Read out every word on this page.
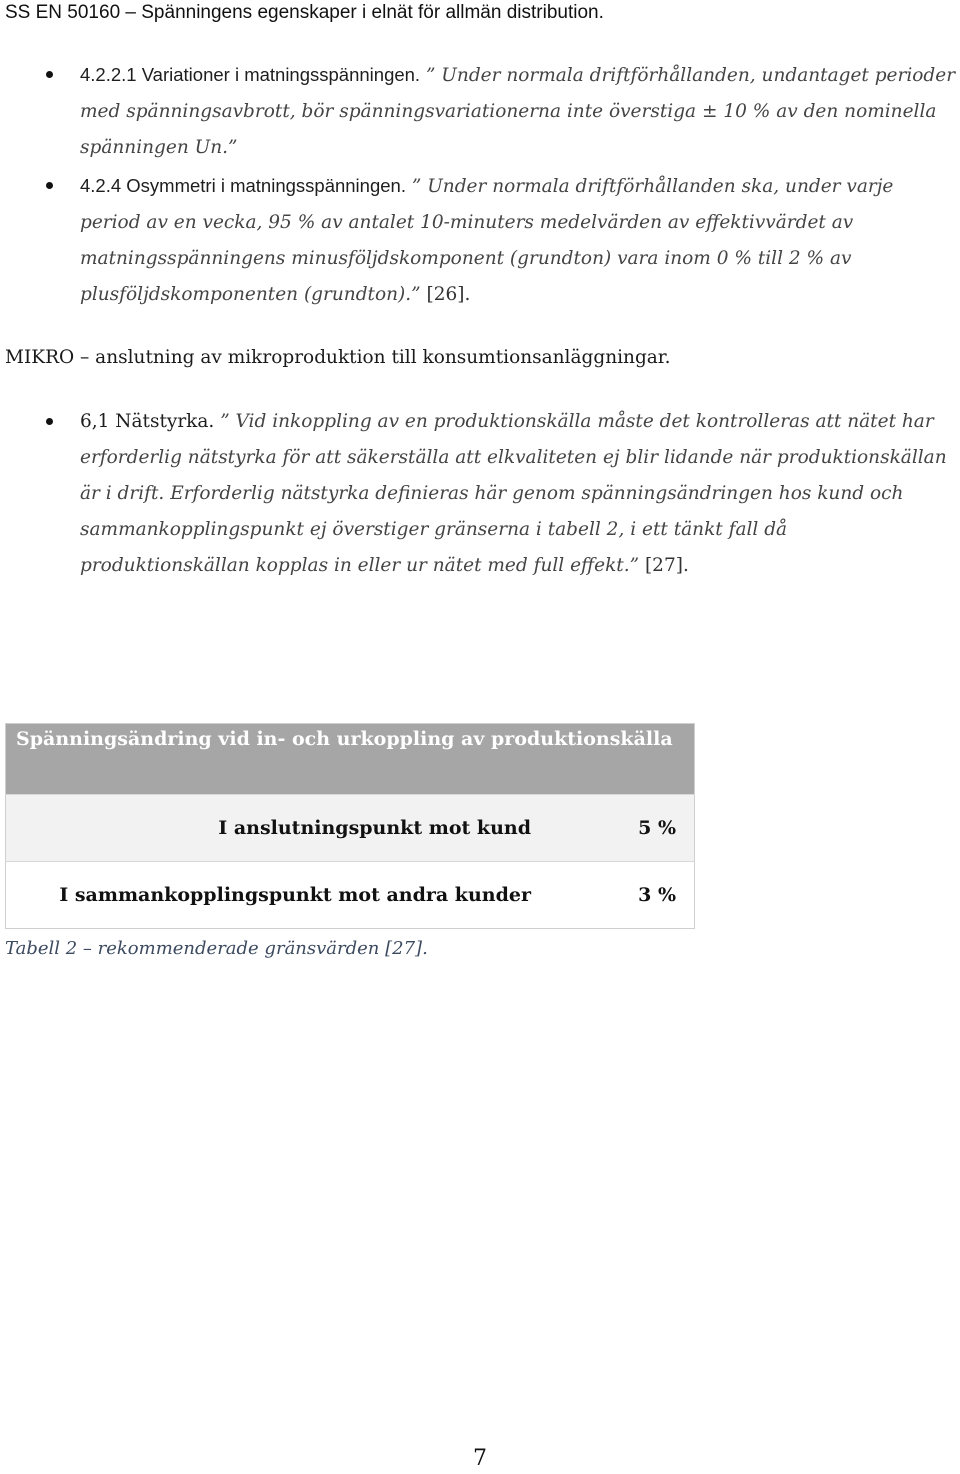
SS EN 50160 – Spänningens egenskaper i elnät för allmän distribution.
4.2.2.1 Variationer i matningsspänningen. ” Under normala driftförhållanden, undantaget perioder med spänningsavbrott, bör spänningsvariationerna inte överstiga ± 10 % av den nominella spänningen Un.”
4.2.4 Osymmetri i matningsspänningen. ” Under normala driftförhållanden ska, under varje period av en vecka, 95 % av antalet 10-minuters medelvärden av effektivvärdet av matningsspänningens minusföljdskomponent (grundton) vara inom 0 % till 2 % av plusföljdskomponenten (grundton).” [26].
MIKRO – anslutning av mikroproduktion till konsumtionsanläggningar.
6,1 Nätstyrka. ” Vid inkoppling av en produktionskälla måste det kontrolleras att nätet har erforderlig nätstyrka för att säkerställa att elkvaliteten ej blir lidande när produktionskällan är i drift. Erforderlig nätstyrka definieras här genom spänningsändringen hos kund och sammankopplingspunkt ej överstiger gränserna i tabell 2, i ett tänkt fall då produktionskällan kopplas in eller ur nätet med full effekt.” [27].
Spänningsändring vid in- och urkoppling av produktionskälla	
I anslutningspunkt mot kund	5 %
I sammankopplingspunkt mot andra kunder	3 %
Tabell 2 – rekommenderade gränsvärden [27].
7
